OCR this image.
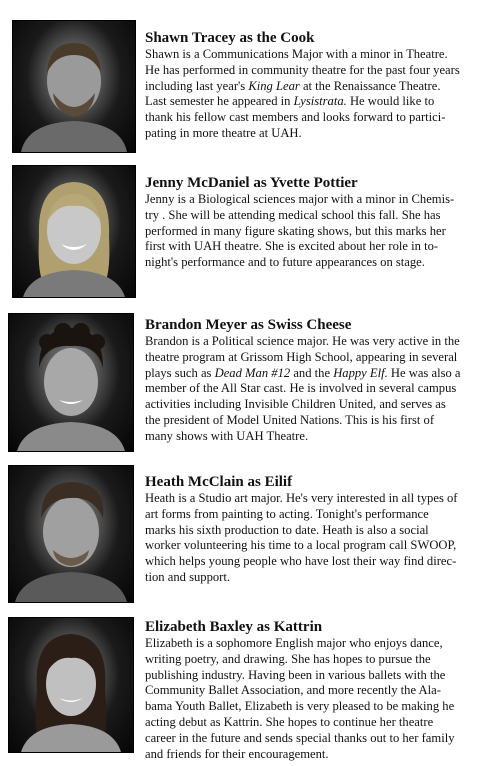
Shawn Tracey as the Cook

Shawn is a Communications Major with a minor in Theatre.
He has performed in community theatre for the past four years
including last year's King Lear at the Renaissance Theatre.
Last semester he appeared in Lysistrata. He would like to
thank his fellow cast members and looks forward to partici-
pating in more theatre at UAH.

Jenny McDaniel as Yvette Pottier

Jenny is a Biological sciences major with a minor in Chemis-
try . She will be attending medical school this fall. She has
performed in many figure skating shows, but this marks her
first with UAH theatre. She is excited about her role in to-
night's performance and to future appearances on stage.

Brandon Meyer as Swiss Cheese

Brandon is a Political science major. He was very active in the
theatre program at Grissom High School, appearing in several
plays such as Dead Man #12 and the Happy Elf. He was also a
member of the All Star cast. He is involved in several campus
activities including Invisible Children United, and serves as
the president of Model United Nations. This is his first of
many shows with UAH Theatre.

Heath McClain as Eilif

Heath is a Studio art major. He's very interested in all types of
art forms from painting to acting. Tonight's performance
marks his sixth production to date. Heath is also a social
worker volunteering his time to a local program call SWOOP,
which helps young people who have lost their way find direc-
tion and support.

Elizabeth Baxley as Kattrin

Elizabeth is a sophomore English major who enjoys dance,
writing poetry, and drawing. She has hopes to pursue the
publishing industry. Having been in various ballets with the
Community Ballet Association, and more recently the Ala-
bama Youth Ballet, Elizabeth is very pleased to be making he
acting debut as Kattrin. She hopes to continue her theatre
career in the future and sends special thanks out to her family
and friends for their encouragement.
